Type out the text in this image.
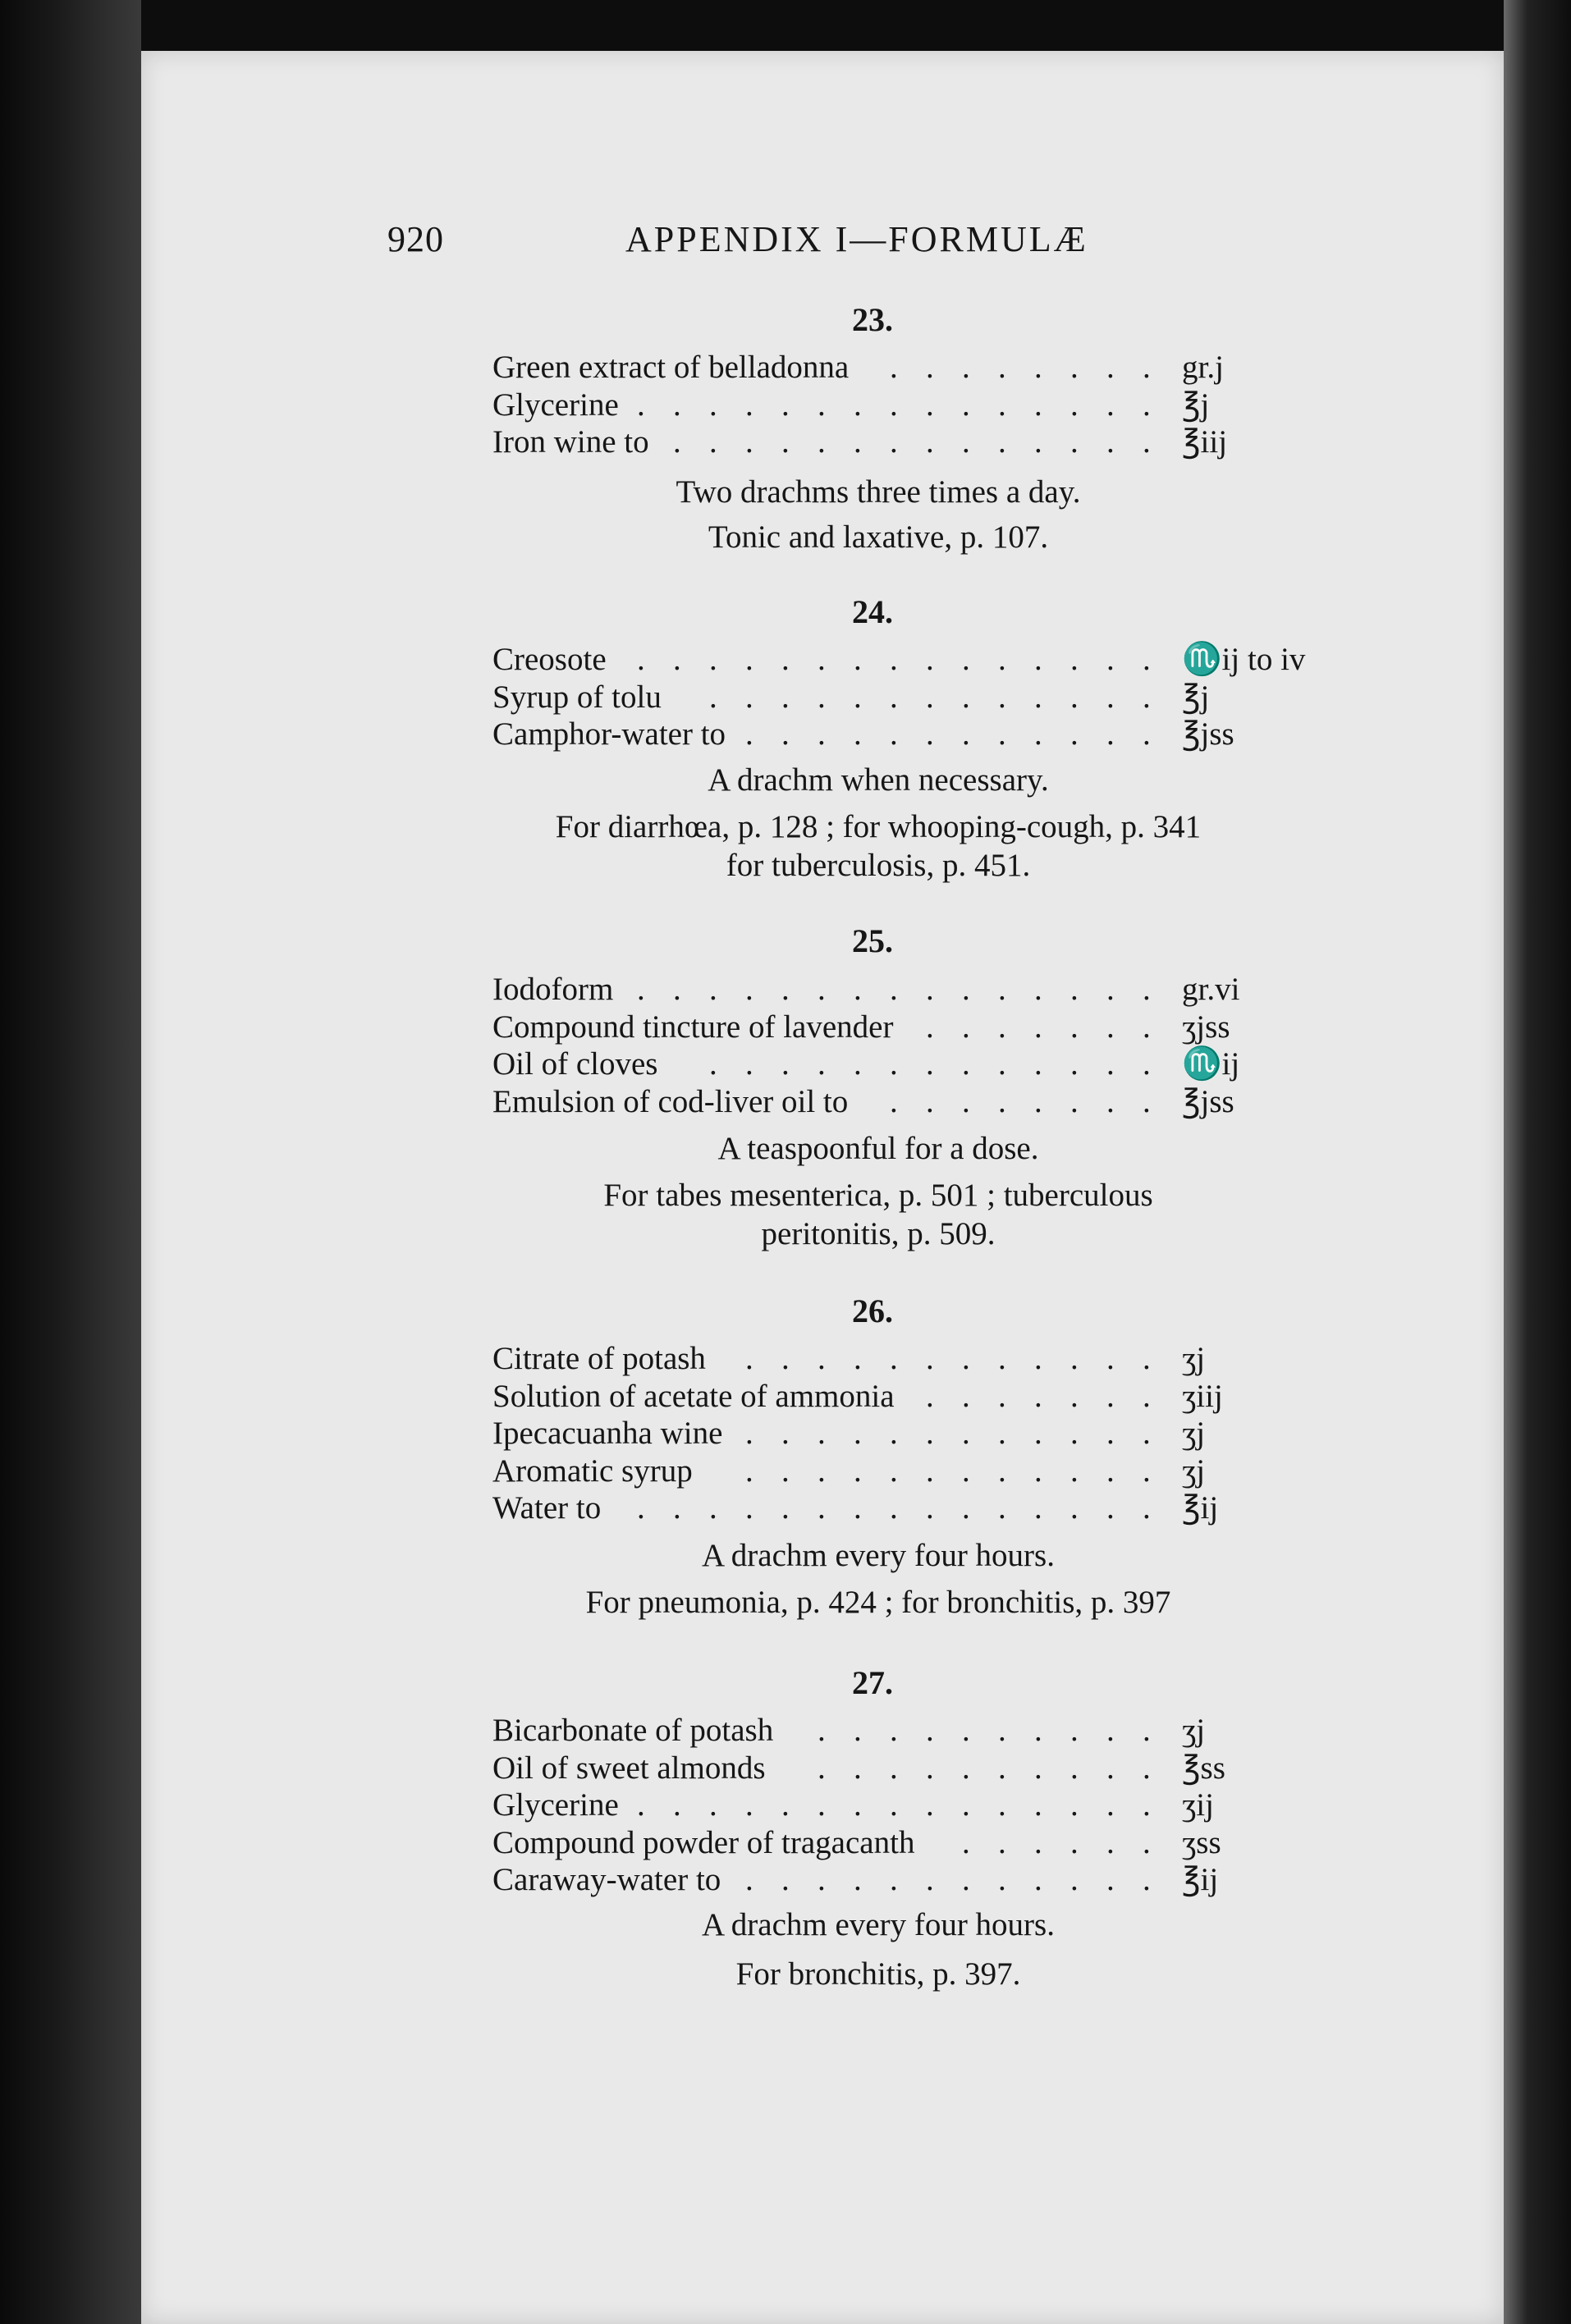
920	APPENDIX I—FORMULÆ
23.
Green extract of belladonna . . . . . . . . gr.j
Glycerine . . . . . . . . . . . . . . . ℥j
Iron wine to . . . . . . . . . . . . . . ℥iij
Two drachms three times a day.
Tonic and laxative, p. 107.
24.
Creosote . . . . . . . . . . . . . . . ♏ij to iv
Syrup of tolu . . . . . . . . . . . . . ℥j
Camphor-water to . . . . . . . . . . . . ℥jss
A drachm when necessary.
For diarrhœa, p. 128 ; for whooping-cough, p. 341
for tuberculosis, p. 451.
25.
Iodoform . . . . . . . . . . . . . . . gr.vi
Compound tincture of lavender . . . . . . . ʒjss
Oil of cloves . . . . . . . . . . . . . ♏ij
Emulsion of cod-liver oil to . . . . . . . . ℥jss
A teaspoonful for a dose.
For tabes mesenterica, p. 501 ; tuberculous
peritonitis, p. 509.
26.
Citrate of potash . . . . . . . . . . . . ʒj
Solution of acetate of ammonia . . . . . . . ʒiij
Ipecacuanha wine . . . . . . . . . . . . ʒj
Aromatic syrup . . . . . . . . . . . . ʒj
Water to . . . . . . . . . . . . . . . ℥ij
A drachm every four hours.
For pneumonia, p. 424 ; for bronchitis, p. 397
27.
Bicarbonate of potash . . . . . . . . . . ʒj
Oil of sweet almonds . . . . . . . . . . ℥ss
Glycerine . . . . . . . . . . . . . . . ʒij
Compound powder of tragacanth . . . . . . ʒss
Caraway-water to . . . . . . . . . . . . ℥ij
A drachm every four hours.
For bronchitis, p. 397.
